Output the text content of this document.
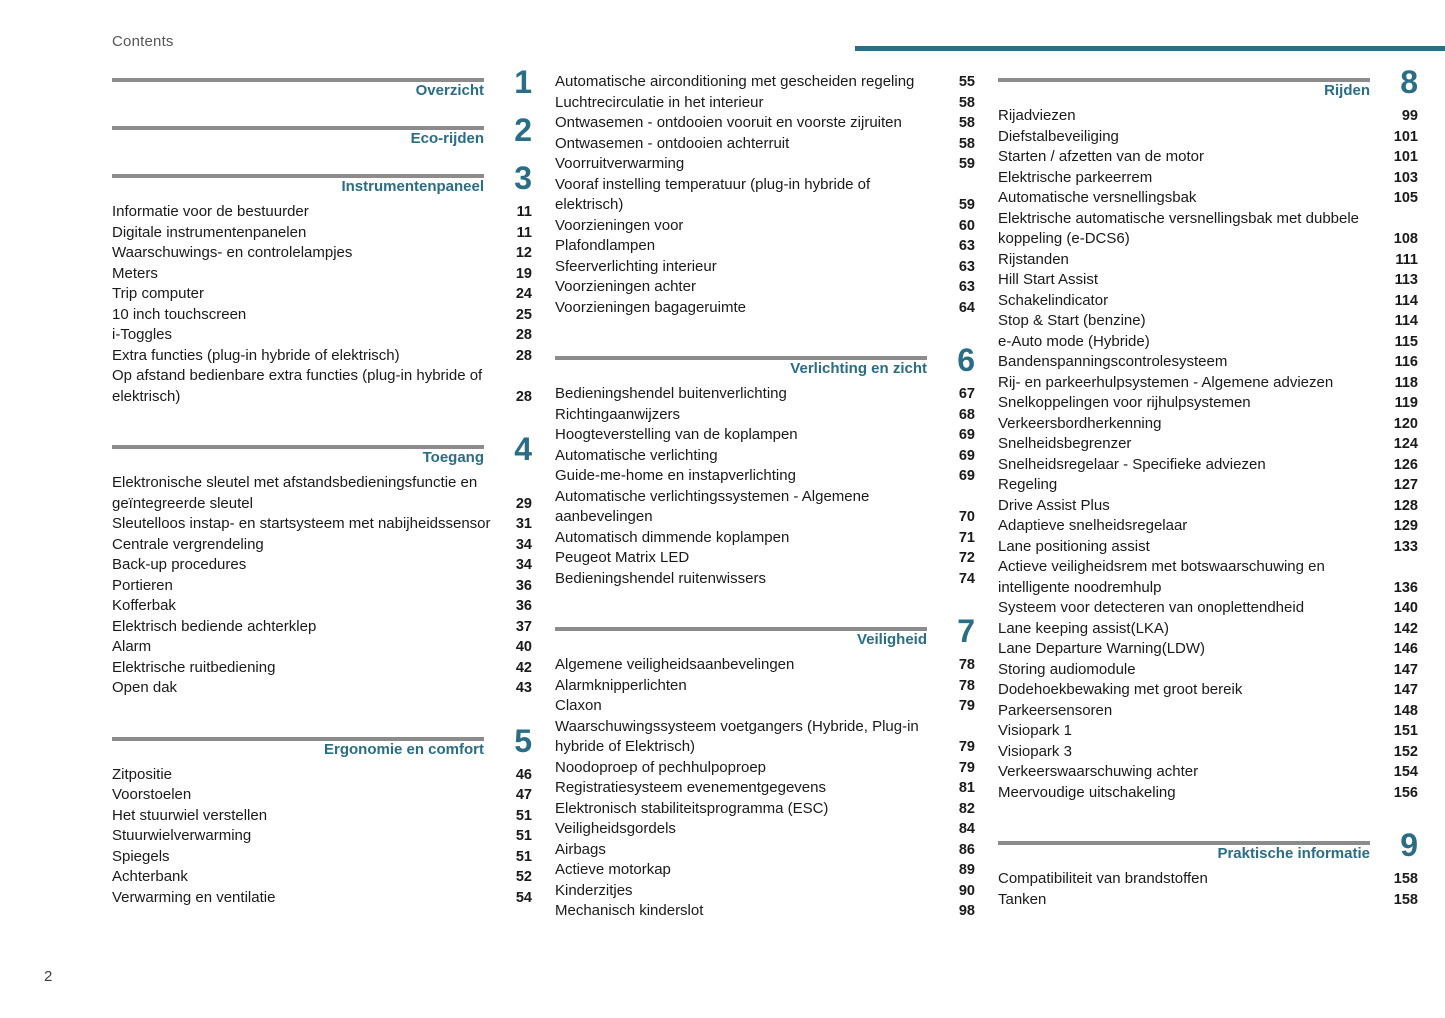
Contents
Overzicht 1
Eco-rijden 2
Instrumentenpaneel 3
Informatie voor de bestuurder	11
Digitale instrumentenpanelen	11
Waarschuwings- en controlelampjes	12
Meters	19
Trip computer	24
10 inch touchscreen	25
i-Toggles	28
Extra functies (plug-in hybride of elektrisch)	28
Op afstand bedienbare extra functies (plug-in hybride of elektrisch)	28
Toegang 4
Elektronische sleutel met afstandsbedieningsfunctie en geïntegreerde sleutel	29
Sleutelloos instap- en startsysteem met nabijheidssensor	31
Centrale vergrendeling	34
Back-up procedures	34
Portieren	36
Kofferbak	36
Elektrisch bediende achterklep	37
Alarm	40
Elektrische ruitbediening	42
Open dak	43
Ergonomie en comfort 5
Zitpositie	46
Voorstoelen	47
Het stuurwiel verstellen	51
Stuurwielverwarming	51
Spiegels	51
Achterbank	52
Verwarming en ventilatie	54
Automatische airconditioning met gescheiden regeling	55
Luchtrecirculatie in het interieur	58
Ontwasemen - ontdooien vooruit en voorste zijruiten	58
Ontwasemen - ontdooien achterruit	58
Voorruitverwarming	59
Vooraf instelling temperatuur (plug-in hybride of elektrisch)	59
Voorzieningen voor	60
Plafondlampen	63
Sfeerverlichting interieur	63
Voorzieningen achter	63
Voorzieningen bagageruimte	64
Verlichting en zicht 6
Bedieningshendel buitenverlichting	67
Richtingaanwijzers	68
Hoogteverstelling van de koplampen	69
Automatische verlichting	69
Guide-me-home en instapverlichting	69
Automatische verlichtingssystemen - Algemene aanbevelingen	70
Automatisch dimmende koplampen	71
Peugeot Matrix LED	72
Bedieningshendel ruitenwissers	74
Veiligheid 7
Algemene veiligheidsaanbevelingen	78
Alarmknipperlichten	78
Claxon	79
Waarschuwingssysteem voetgangers (Hybride, Plug-in hybride of Elektrisch)	79
Noodoproep of pechhulpoproep	79
Registratiesysteem evenementgegevens	81
Elektronisch stabiliteitsprogramma (ESC)	82
Veiligheidsgordels	84
Airbags	86
Actieve motorkap	89
Kinderzitjes	90
Mechanisch kinderslot	98
Rijden 8
Rijadviezen	99
Diefstalbeveiliging	101
Starten / afzetten van de motor	101
Elektrische parkeerrem	103
Automatische versnellingsbak	105
Elektrische automatische versnellingsbak met dubbele koppeling (e-DCS6)	108
Rijstanden	111
Hill Start Assist	113
Schakelindicator	114
Stop & Start (benzine)	114
e-Auto mode (Hybride)	115
Bandenspanningscontrolesysteem	116
Rij- en parkeerhulpsystemen - Algemene adviezen	118
Snelkoppelingen voor rijhulpsystemen	119
Verkeersbordherkenning	120
Snelheidsbegrenzer	124
Snelheidsregelaar - Specifieke adviezen	126
Regeling	127
Drive Assist Plus	128
Adaptieve snelheidsregelaar	129
Lane positioning assist	133
Actieve veiligheidsrem met botswaarschuwing en intelligente noodremhulp	136
Systeem voor detecteren van onoplettendheid	140
Lane keeping assist(LKA)	142
Lane Departure Warning(LDW)	146
Storing audiomodule	147
Dodehoekbewaking met groot bereik	147
Parkeersensoren	148
Visiopark 1	151
Visiopark 3	152
Verkeerswaarschuwing achter	154
Meervoudige uitschakeling	156
Praktische informatie 9
Compatibiliteit van brandstoffen	158
Tanken	158
2
